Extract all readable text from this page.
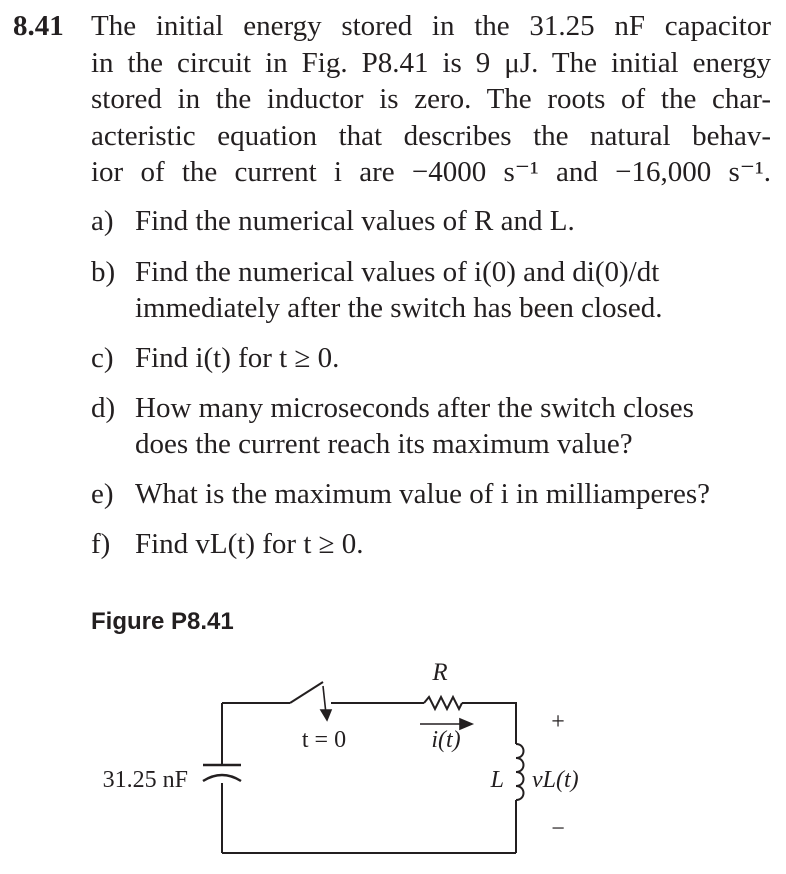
8.41 The initial energy stored in the 31.25 nF capacitor
in the circuit in Fig. P8.41 is 9 μJ. The initial energy
stored in the inductor is zero. The roots of the char-
acteristic equation that describes the natural behav-
ior of the current i are −4000 s⁻¹ and −16,000 s⁻¹.
a) Find the numerical values of R and L.
b) Find the numerical values of i(0) and di(0)/dt
immediately after the switch has been closed.
c) Find i(t) for t ≥ 0.
d) How many microseconds after the switch closes
does the current reach its maximum value?
e) What is the maximum value of i in milliamperes?
f) Find vL(t) for t ≥ 0.
Figure P8.41
R
i(t)
t = 0
31.25 nF	L
+
vL(t)
−
